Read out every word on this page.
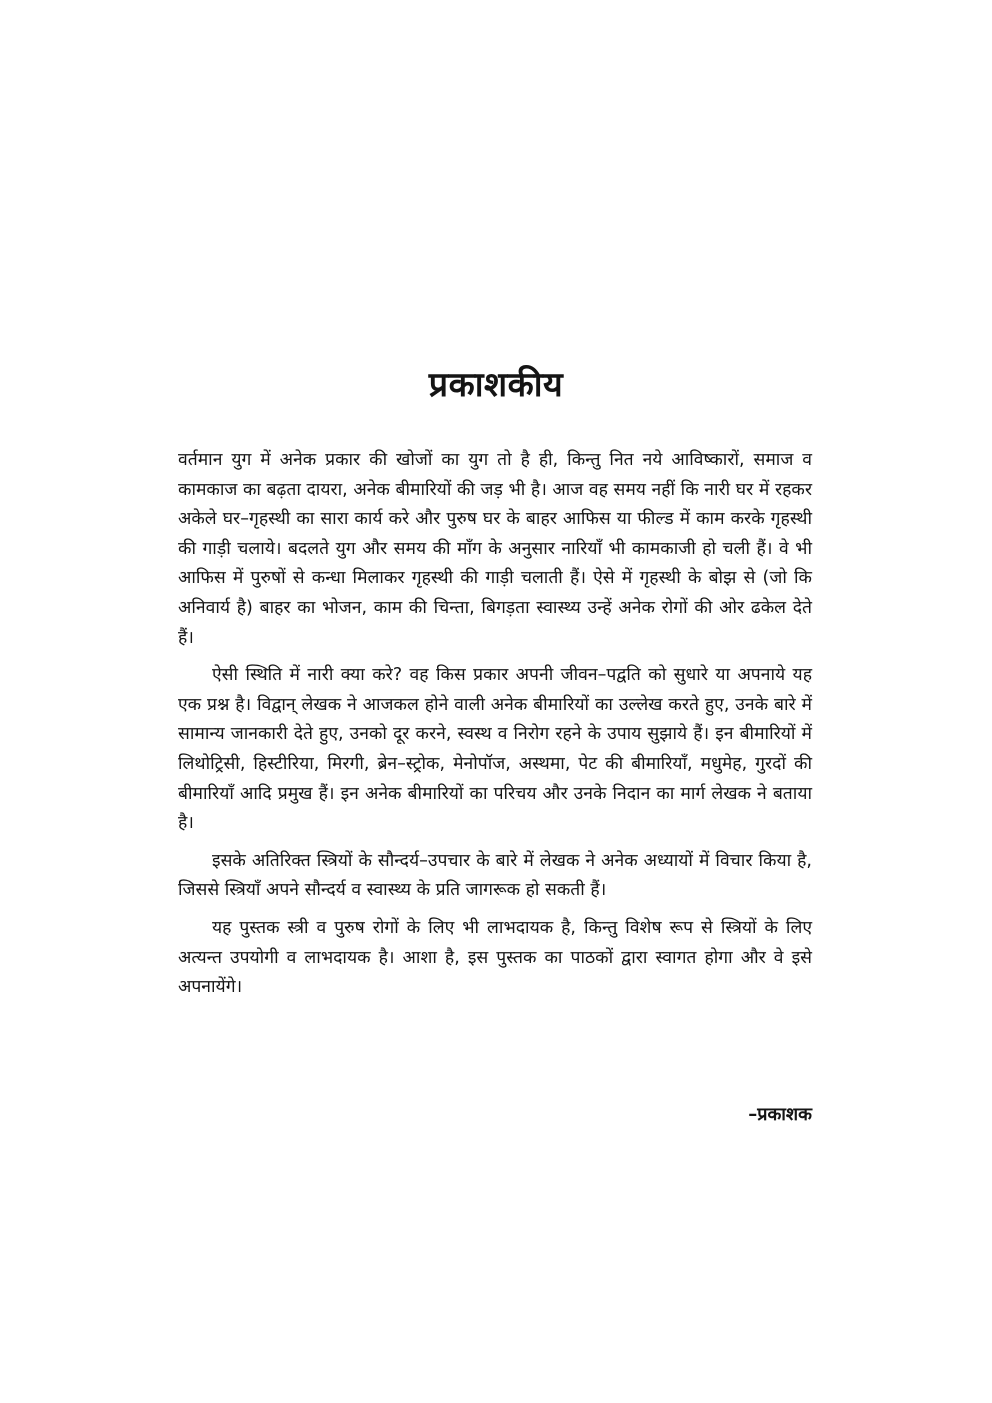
प्रकाशकीय

वर्तमान युग में अनेक प्रकार की खोजों का युग तो है ही, किन्तु नित नये आविष्कारों, समाज व कामकाज का बढ़ता दायरा, अनेक बीमारियों की जड़ भी है। आज वह समय नहीं कि नारी घर में रहकर अकेले घर–गृहस्थी का सारा कार्य करे और पुरुष घर के बाहर आफिस या फील्ड में काम करके गृहस्थी की गाड़ी चलाये। बदलते युग और समय की माँग के अनुसार नारियाँ भी कामकाजी हो चली हैं। वे भी आफिस में पुरुषों से कन्धा मिलाकर गृहस्थी की गाड़ी चलाती हैं। ऐसे में गृहस्थी के बोझ से (जो कि अनिवार्य है) बाहर का भोजन, काम की चिन्ता, बिगड़ता स्वास्थ्य उन्हें अनेक रोगों की ओर ढकेल देते हैं।

ऐसी स्थिति में नारी क्या करे? वह किस प्रकार अपनी जीवन–पद्वति को सुधारे या अपनाये यह एक प्रश्न है। विद्वान् लेखक ने आजकल होने वाली अनेक बीमारियों का उल्लेख करते हुए, उनके बारे में सामान्य जानकारी देते हुए, उनको दूर करने, स्वस्थ व निरोग रहने के उपाय सुझाये हैं। इन बीमारियों में लिथोट्रिसी, हिस्टीरिया, मिरगी, ब्रेन–स्ट्रोक, मेनोपॉज, अस्थमा, पेट की बीमारियाँ, मधुमेह, गुरदों की बीमारियाँ आदि प्रमुख हैं। इन अनेक बीमारियों का परिचय और उनके निदान का मार्ग लेखक ने बताया है।

इसके अतिरिक्त स्त्रियों के सौन्दर्य–उपचार के बारे में लेखक ने अनेक अध्यायों में विचार किया है, जिससे स्त्रियाँ अपने सौन्दर्य व स्वास्थ्य के प्रति जागरूक हो सकती हैं।

यह पुस्तक स्त्री व पुरुष रोगों के लिए भी लाभदायक है, किन्तु विशेष रूप से स्त्रियों के लिए अत्यन्त उपयोगी व लाभदायक है। आशा है, इस पुस्तक का पाठकों द्वारा स्वागत होगा और वे इसे अपनायेंगे।

–प्रकाशक
